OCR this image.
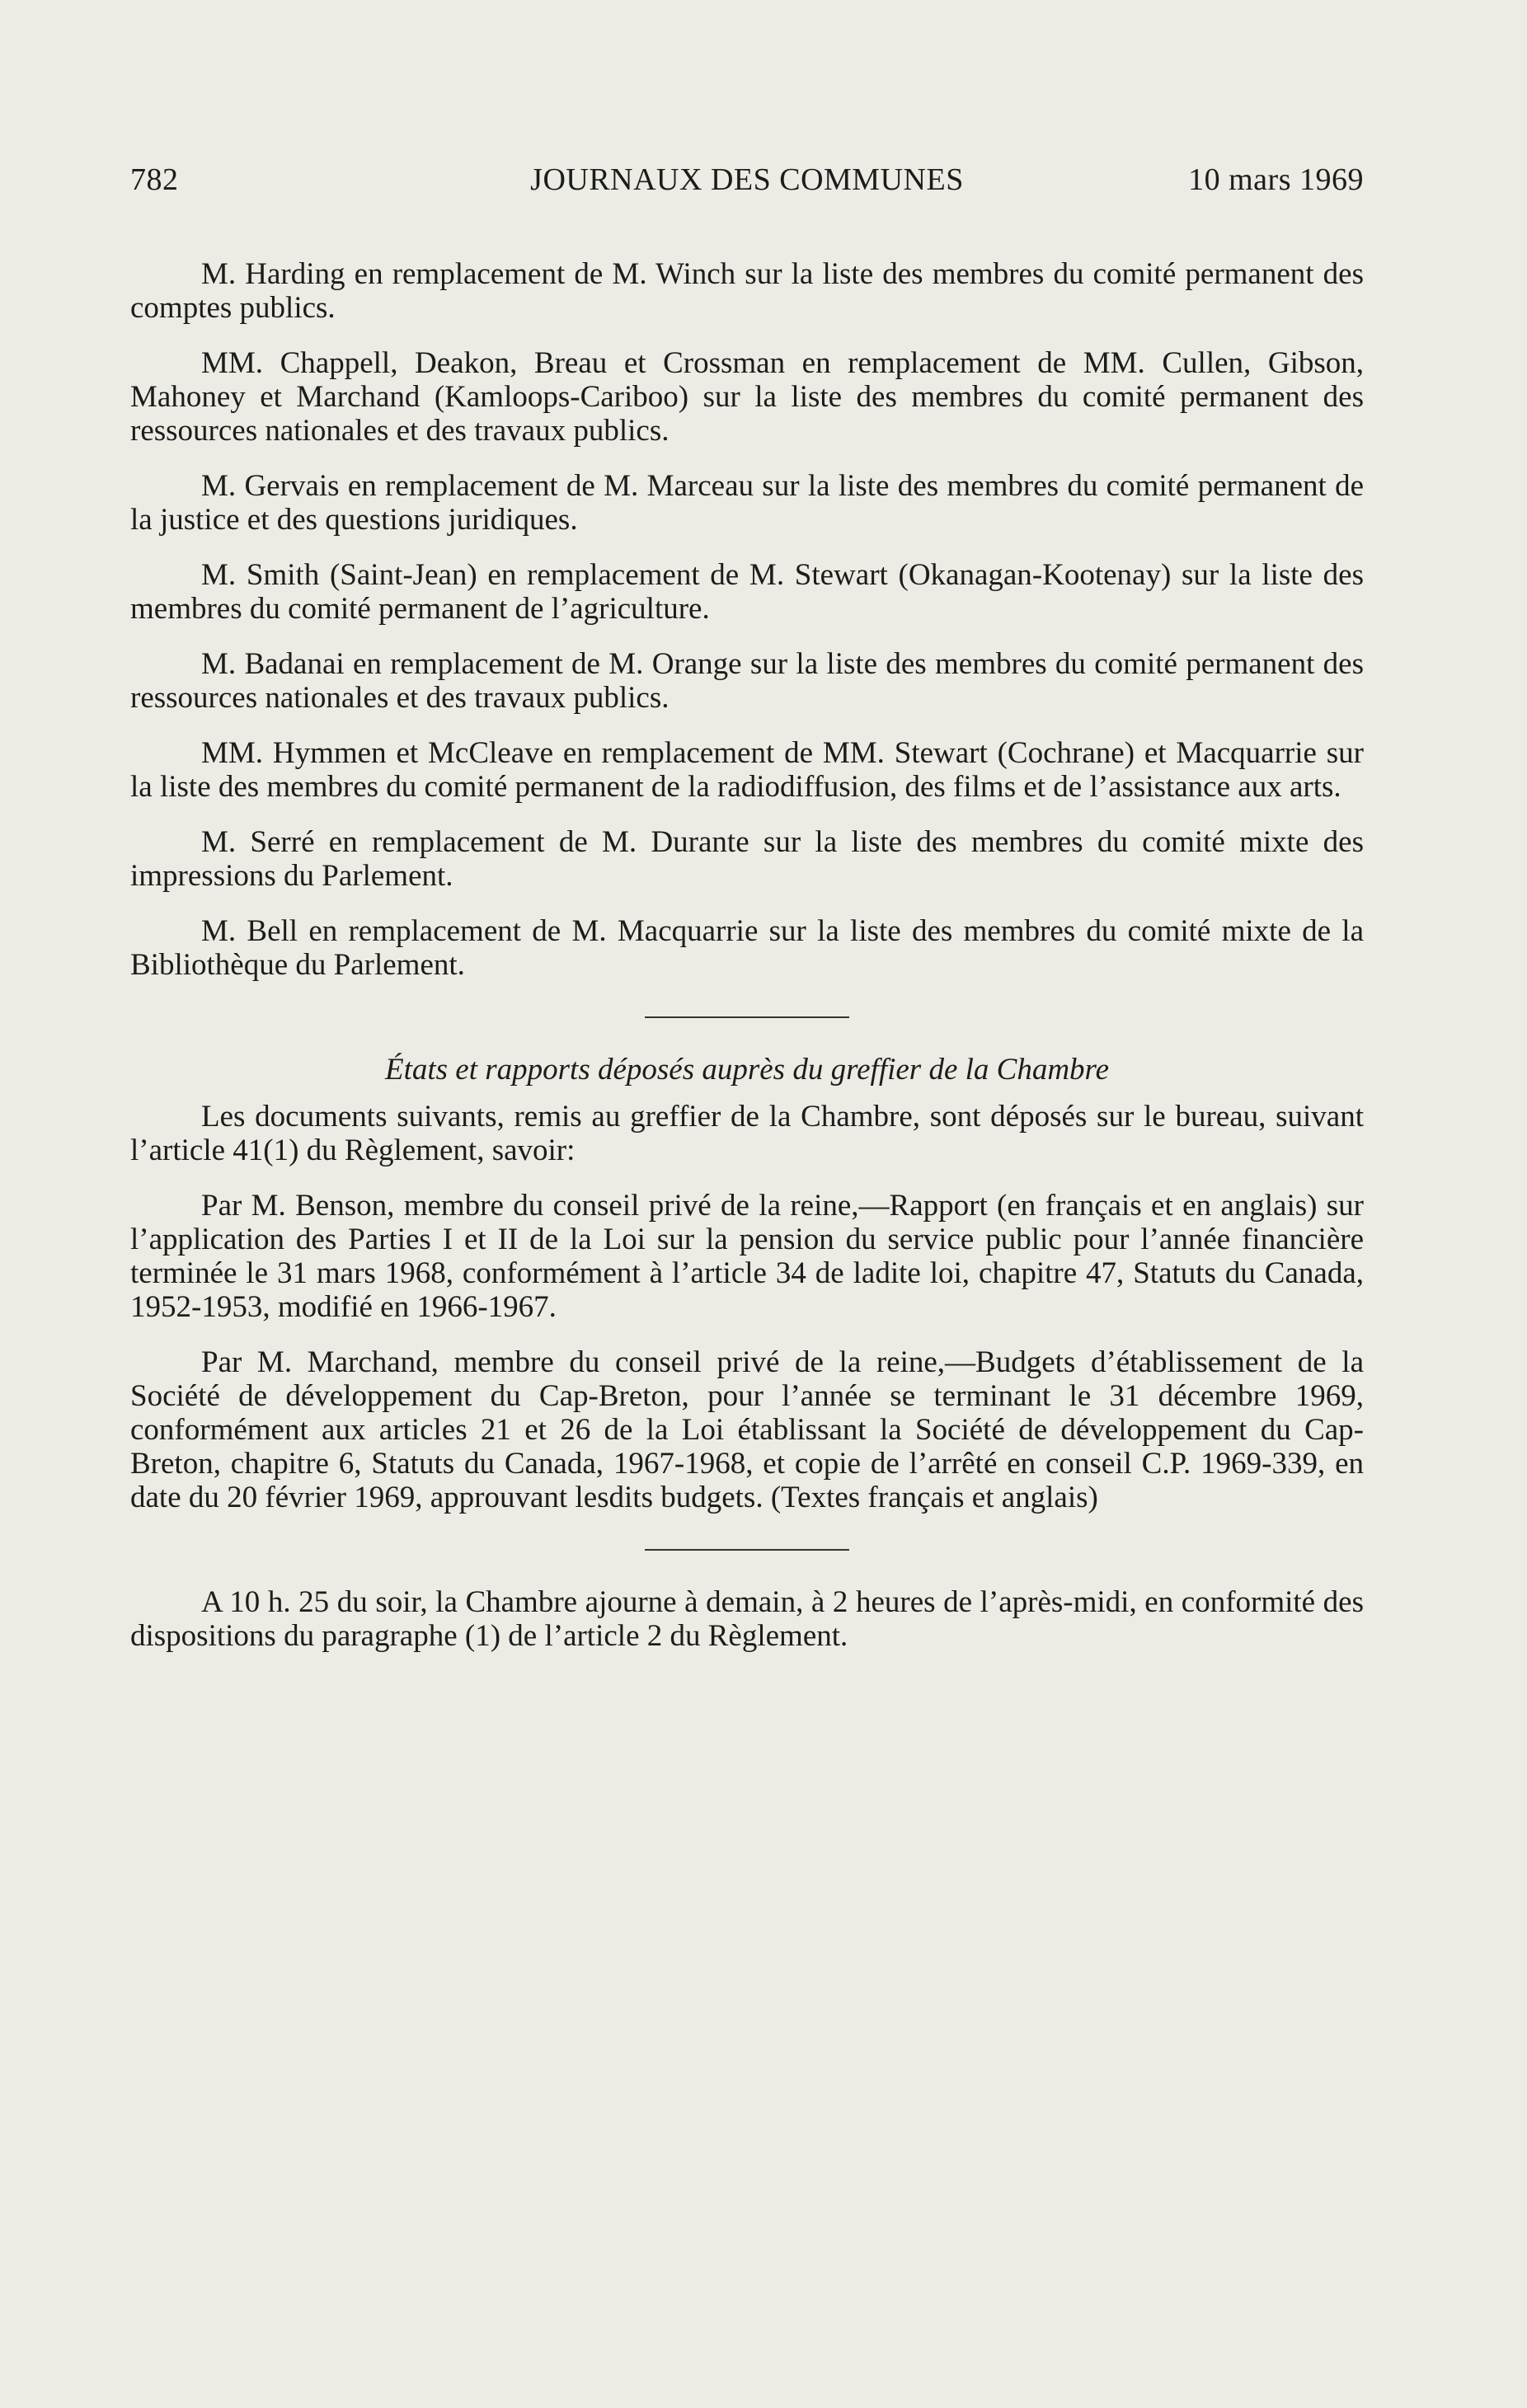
782	JOURNAUX DES COMMUNES	10 mars 1969

M. Harding en remplacement de M. Winch sur la liste des membres du comité permanent des comptes publics.

MM. Chappell, Deakon, Breau et Crossman en remplacement de MM. Cullen, Gibson, Mahoney et Marchand (Kamloops-Cariboo) sur la liste des membres du comité permanent des ressources nationales et des travaux publics.

M. Gervais en remplacement de M. Marceau sur la liste des membres du comité permanent de la justice et des questions juridiques.

M. Smith (Saint-Jean) en remplacement de M. Stewart (Okanagan-Kootenay) sur la liste des membres du comité permanent de l’agriculture.

M. Badanai en remplacement de M. Orange sur la liste des membres du comité permanent des ressources nationales et des travaux publics.

MM. Hymmen et McCleave en remplacement de MM. Stewart (Cochrane) et Macquarrie sur la liste des membres du comité permanent de la radiodiffusion, des films et de l’assistance aux arts.

M. Serré en remplacement de M. Durante sur la liste des membres du comité mixte des impressions du Parlement.

M. Bell en remplacement de M. Macquarrie sur la liste des membres du comité mixte de la Bibliothèque du Parlement.

États et rapports déposés auprès du greffier de la Chambre

Les documents suivants, remis au greffier de la Chambre, sont déposés sur le bureau, suivant l’article 41(1) du Règlement, savoir:

Par M. Benson, membre du conseil privé de la reine,—Rapport (en français et en anglais) sur l’application des Parties I et II de la Loi sur la pension du service public pour l’année financière terminée le 31 mars 1968, conformément à l’article 34 de ladite loi, chapitre 47, Statuts du Canada, 1952-1953, modifié en 1966-1967.

Par M. Marchand, membre du conseil privé de la reine,—Budgets d’établissement de la Société de développement du Cap-Breton, pour l’année se terminant le 31 décembre 1969, conformément aux articles 21 et 26 de la Loi établissant la Société de développement du Cap-Breton, chapitre 6, Statuts du Canada, 1967-1968, et copie de l’arrêté en conseil C.P. 1969-339, en date du 20 février 1969, approuvant lesdits budgets. (Textes français et anglais)

A 10 h. 25 du soir, la Chambre ajourne à demain, à 2 heures de l’après-midi, en conformité des dispositions du paragraphe (1) de l’article 2 du Règlement.
